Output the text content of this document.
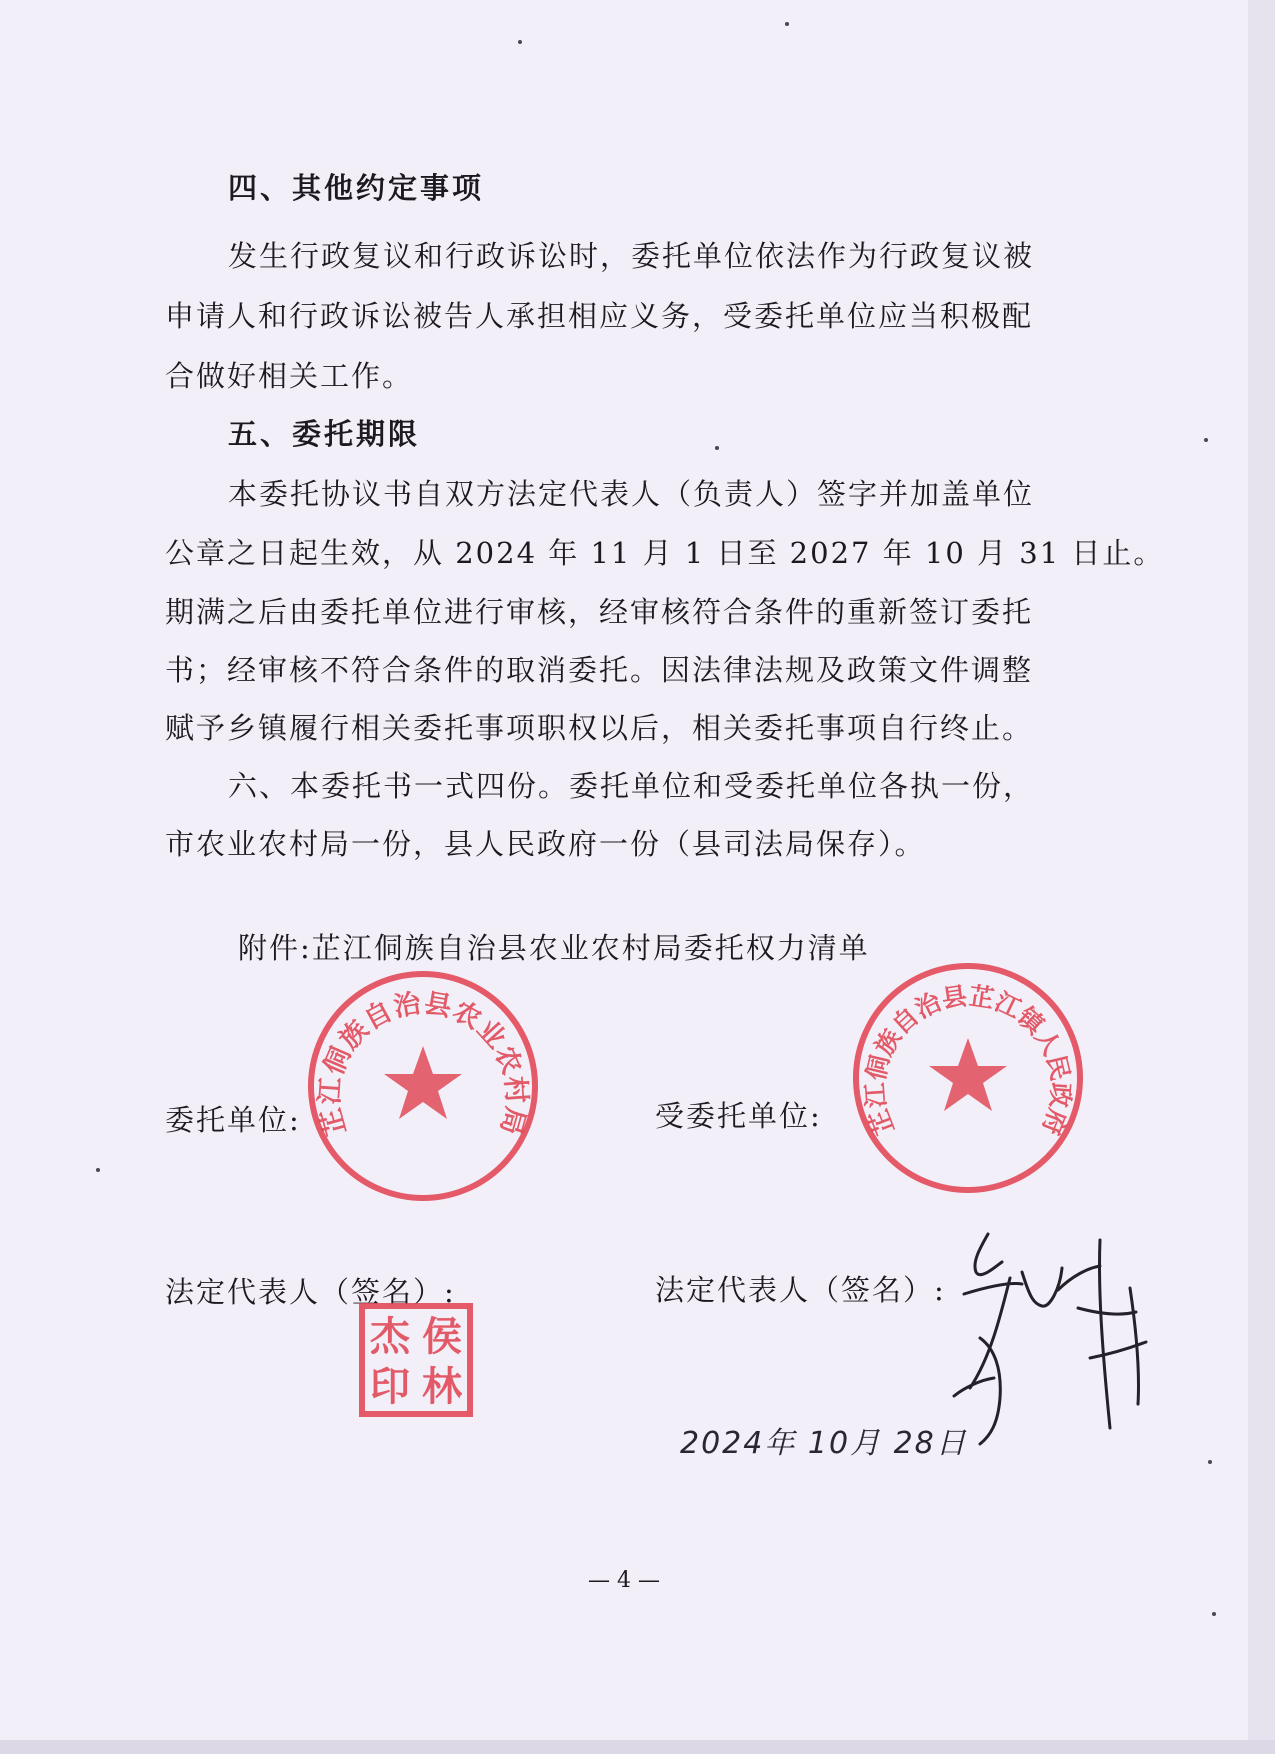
四、其他约定事项
发生行政复议和行政诉讼时，委托单位依法作为行政复议被
申请人和行政诉讼被告人承担相应义务，受委托单位应当积极配
合做好相关工作。
五、委托期限
本委托协议书自双方法定代表人（负责人）签字并加盖单位
公章之日起生效，从 2024 年 11 月 1 日至 2027 年 10 月 31 日止。
期满之后由委托单位进行审核，经审核符合条件的重新签订委托
书；经审核不符合条件的取消委托。因法律法规及政策文件调整
赋予乡镇履行相关委托事项职权以后，相关委托事项自行终止。
六、本委托书一式四份。委托单位和受委托单位各执一份，
市农业农村局一份，县人民政府一份（县司法局保存）。
附件:芷江侗族自治县农业农村局委托权力清单
芷江侗族自治县农业农村局	芷江侗族自治县芷江镇人民政府
委托单位:	受委托单位:
法定代表人（签名）:	法定代表人（签名）:
侯
林
杰
印
2024年 10月 28日
— 4 —
